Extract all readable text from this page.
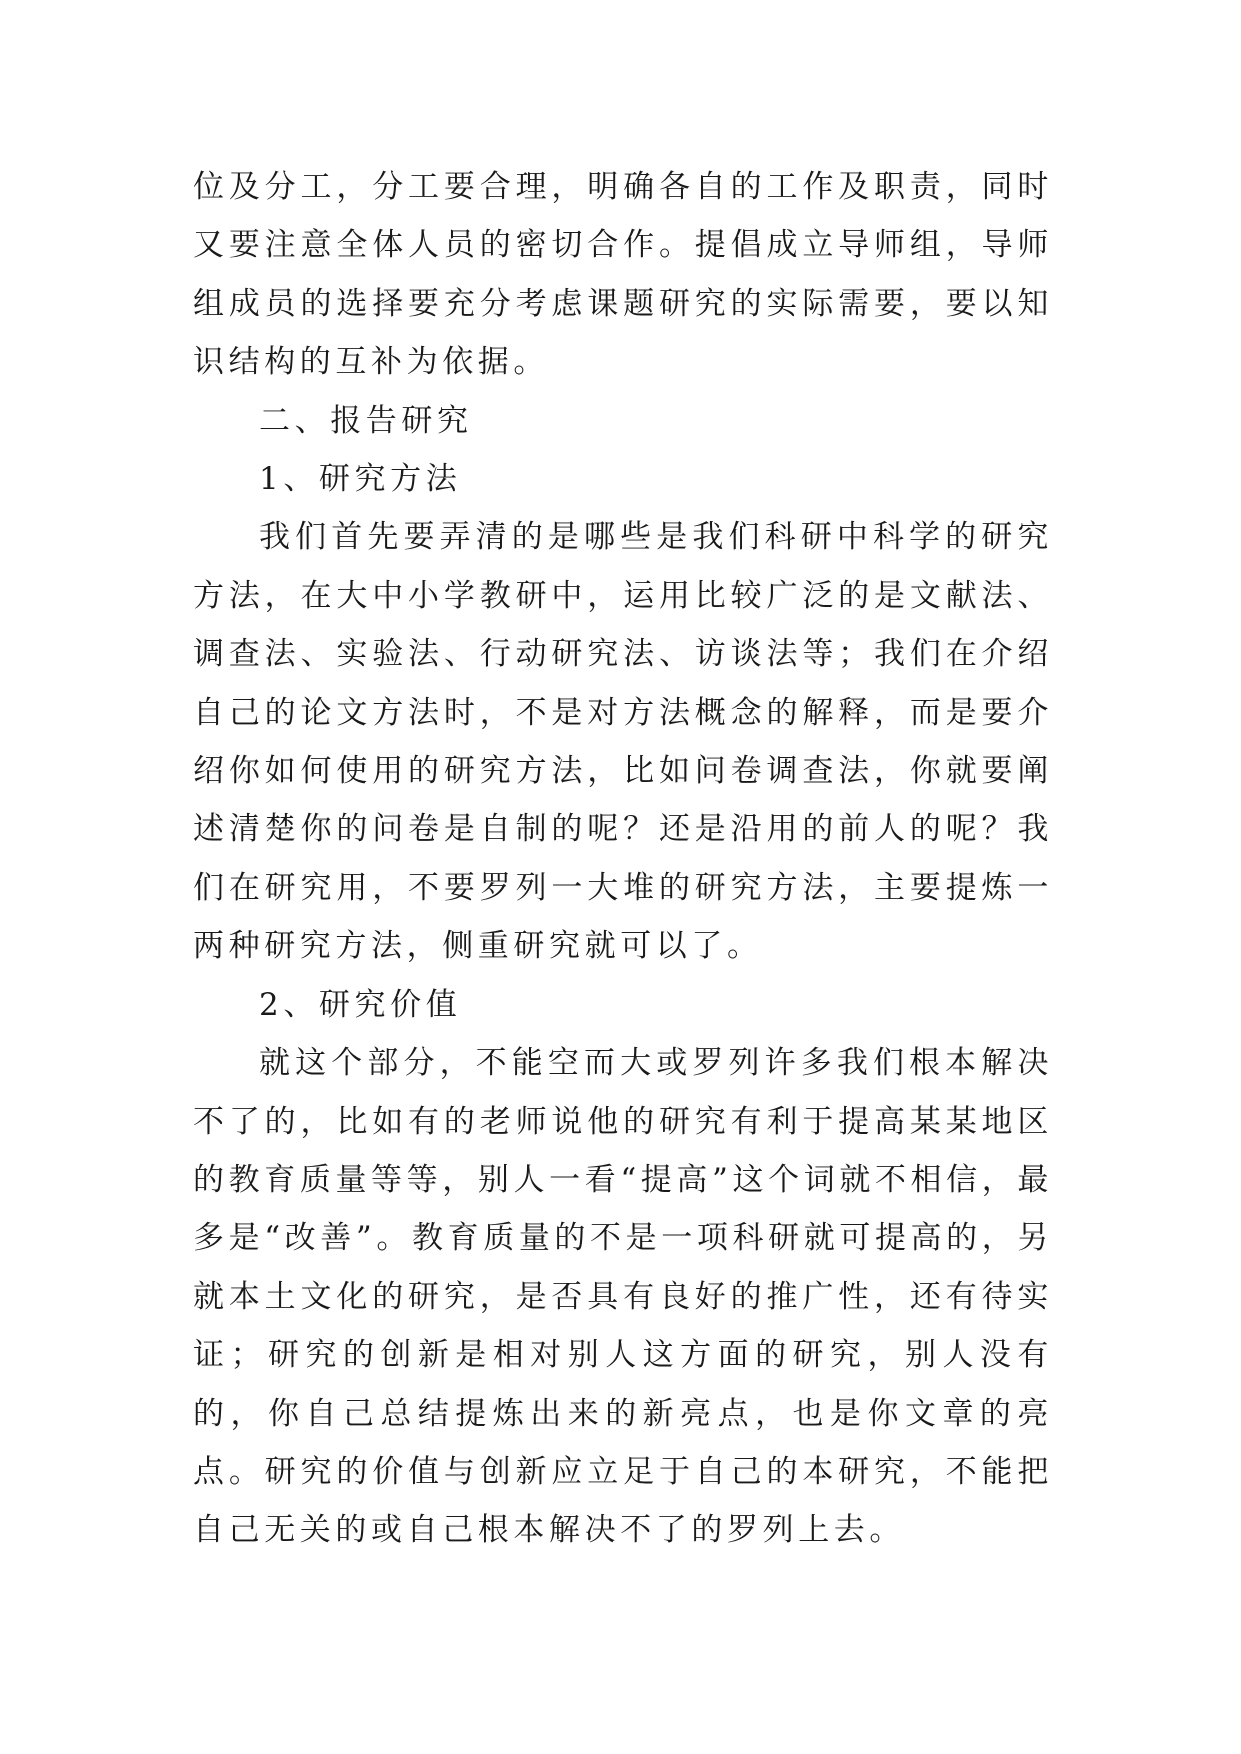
位及分工，分工要合理，明确各自的工作及职责，同时又要注意全体人员的密切合作。提倡成立导师组，导师组成员的选择要充分考虑课题研究的实际需要，要以知识结构的互补为依据。

二、报告研究

1、研究方法

我们首先要弄清的是哪些是我们科研中科学的研究方法，在大中小学教研中，运用比较广泛的是文献法、调查法、实验法、行动研究法、访谈法等；我们在介绍自己的论文方法时，不是对方法概念的解释，而是要介绍你如何使用的研究方法，比如问卷调查法，你就要阐述清楚你的问卷是自制的呢？还是沿用的前人的呢？我们在研究用，不要罗列一大堆的研究方法，主要提炼一两种研究方法，侧重研究就可以了。

2、研究价值

就这个部分，不能空而大或罗列许多我们根本解决不了的，比如有的老师说他的研究有利于提高某某地区的教育质量等等，别人一看“提高”这个词就不相信，最多是“改善”。教育质量的不是一项科研就可提高的，另就本土文化的研究，是否具有良好的推广性，还有待实证；研究的创新是相对别人这方面的研究，别人没有的，你自己总结提炼出来的新亮点，也是你文章的亮点。研究的价值与创新应立足于自己的本研究，不能把自己无关的或自己根本解决不了的罗列上去。
